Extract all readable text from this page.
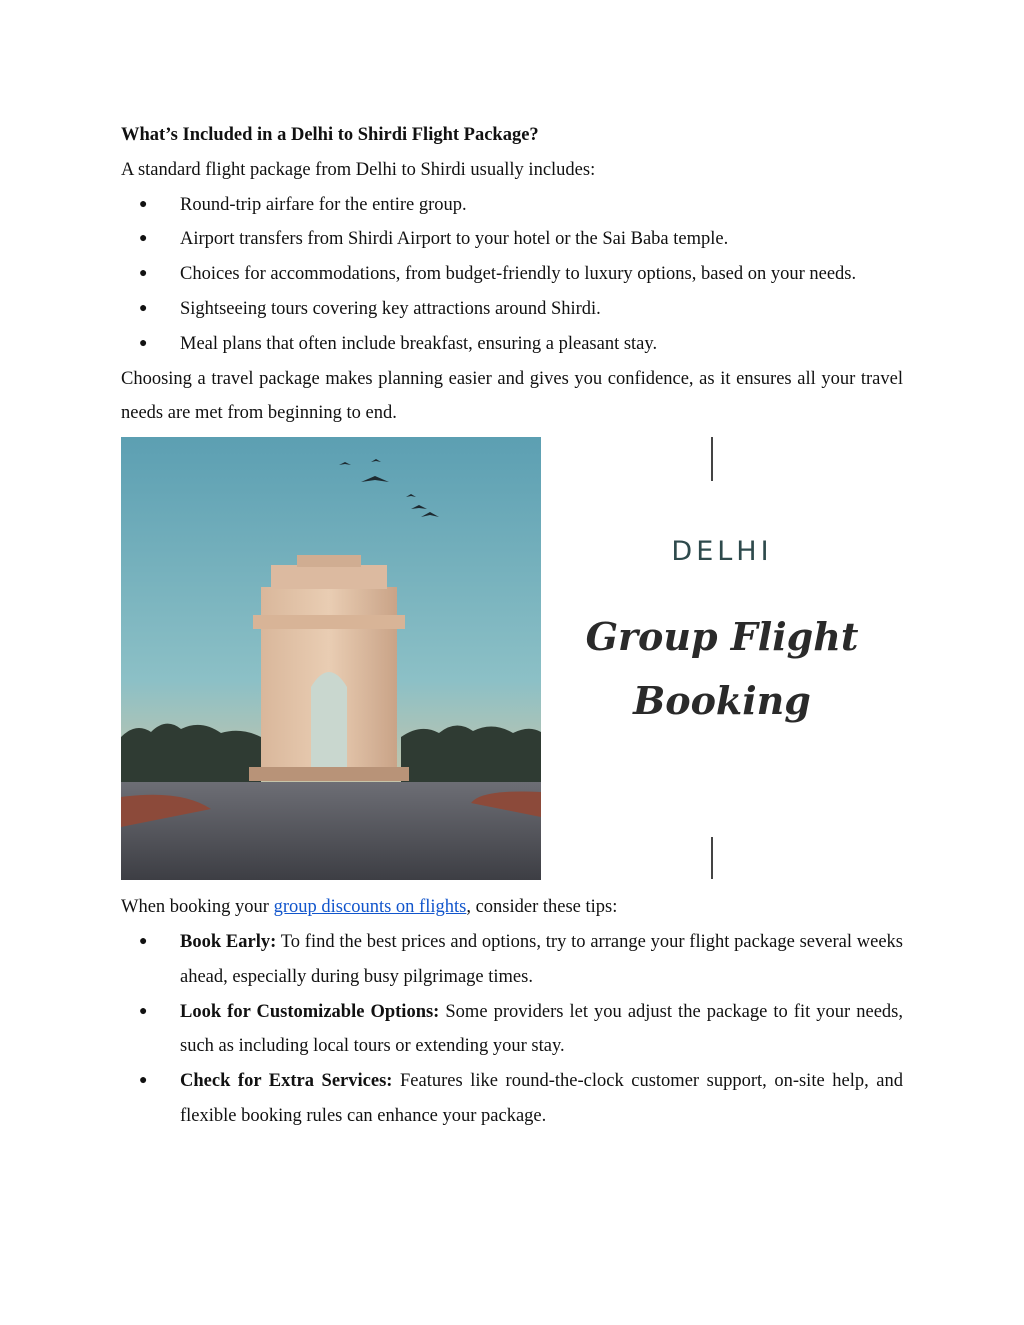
What’s Included in a Delhi to Shirdi Flight Package?

A standard flight package from Delhi to Shirdi usually includes:

● Round-trip airfare for the entire group.
● Airport transfers from Shirdi Airport to your hotel or the Sai Baba temple.
● Choices for accommodations, from budget-friendly to luxury options, based on your needs.
● Sightseeing tours covering key attractions around Shirdi.
● Meal plans that often include breakfast, ensuring a pleasant stay.

Choosing a travel package makes planning easier and gives you confidence, as it ensures all your travel needs are met from beginning to end.

DELHI
Group Flight
Booking

When booking your group discounts on flights, consider these tips:

● Book Early: To find the best prices and options, try to arrange your flight package several weeks ahead, especially during busy pilgrimage times.
● Look for Customizable Options: Some providers let you adjust the package to fit your needs, such as including local tours or extending your stay.
● Check for Extra Services: Features like round-the-clock customer support, on-site help, and flexible booking rules can enhance your package.
